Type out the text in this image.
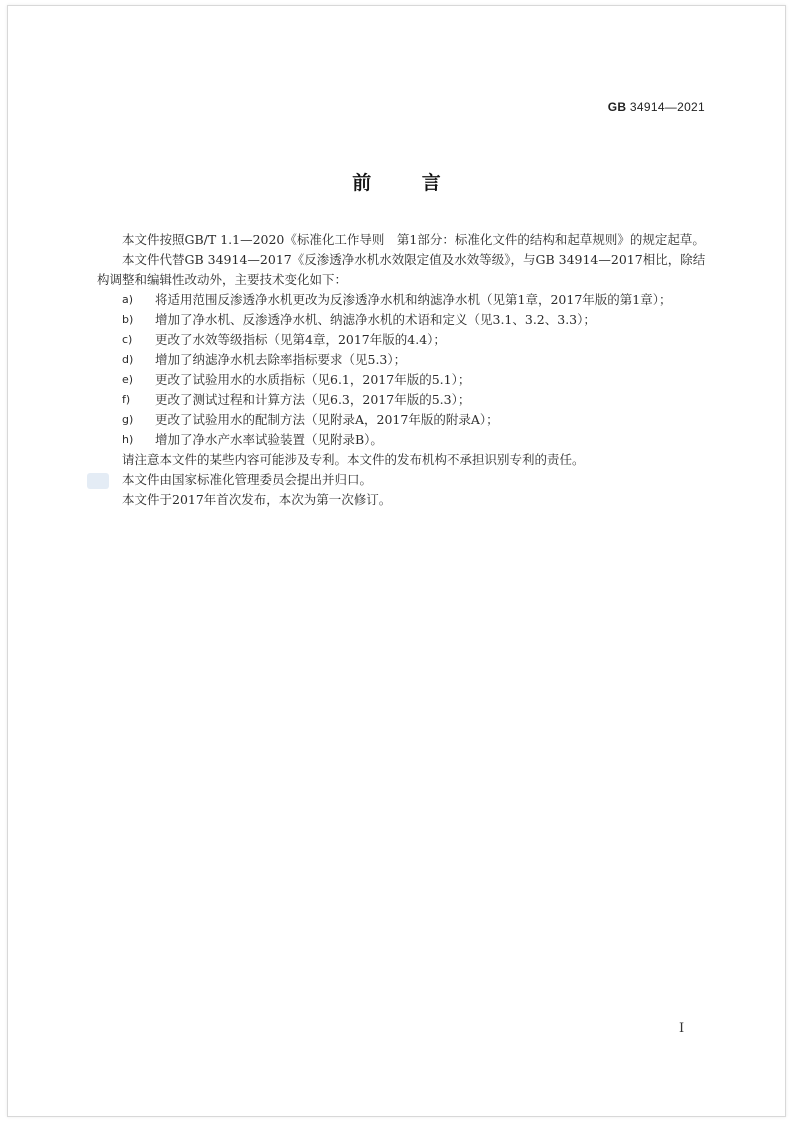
GB 34914—2021
前 言

本文件按照GB/T 1.1—2020《标准化工作导则　第1部分：标准化文件的结构和起草规则》的规定起草。

本文件代替GB 34914—2017《反渗透净水机水效限定值及水效等级》，与GB 34914—2017相比，除结构调整和编辑性改动外，主要技术变化如下：

a) 将适用范围反渗透净水机更改为反渗透净水机和纳滤净水机（见第1章，2017年版的第1章）；
b) 增加了净水机、反渗透净水机、纳滤净水机的术语和定义（见3.1、3.2、3.3）；
c) 更改了水效等级指标（见第4章，2017年版的4.4）；
d) 增加了纳滤净水机去除率指标要求（见5.3）；
e) 更改了试验用水的水质指标（见6.1，2017年版的5.1）；
f) 更改了测试过程和计算方法（见6.3，2017年版的5.3）；
g) 更改了试验用水的配制方法（见附录A，2017年版的附录A）；
h) 增加了净水产水率试验装置（见附录B）。

请注意本文件的某些内容可能涉及专利。本文件的发布机构不承担识别专利的责任。

本文件由国家标准化管理委员会提出并归口。

本文件于2017年首次发布，本次为第一次修订。

I
